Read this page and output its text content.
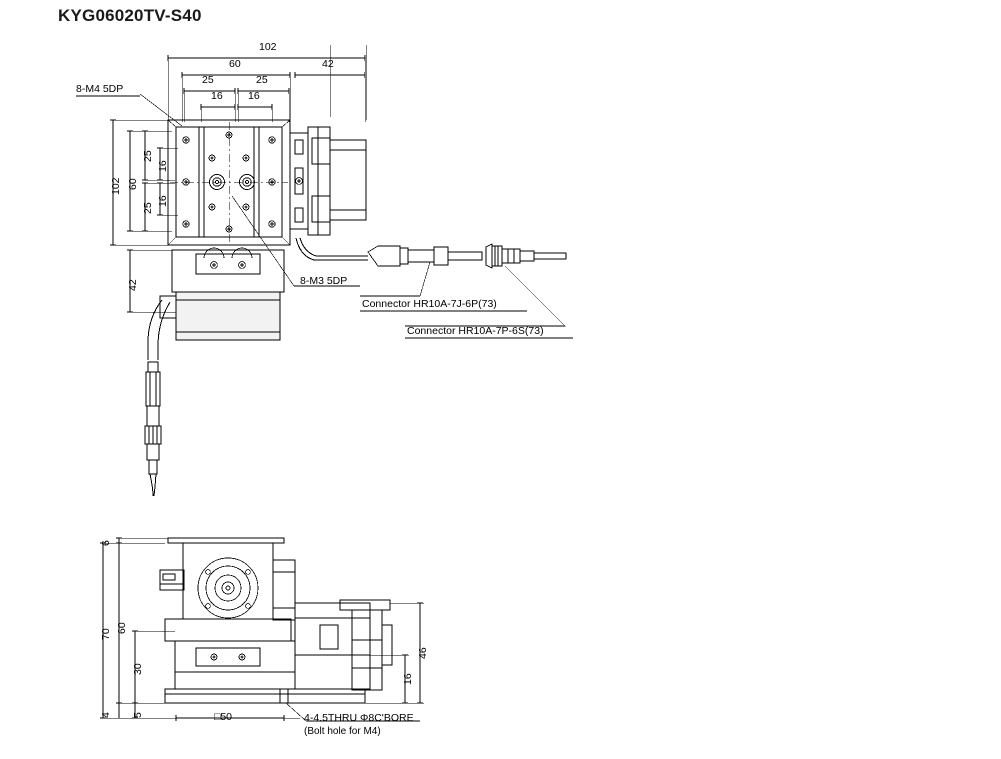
KYG06020TV-S40
102
60	42
25	25
16 16
102 60
42
25
25
16
16
8-M4 5DP
8-M3 5DP
Connector HR10A-7J-6P(73)
Connector HR10A-7P-6S(73)
6
70
60
30
4 5
46
16
□50	4-4.5THRU Φ8C'BORE
(Bolt hole for M4)
